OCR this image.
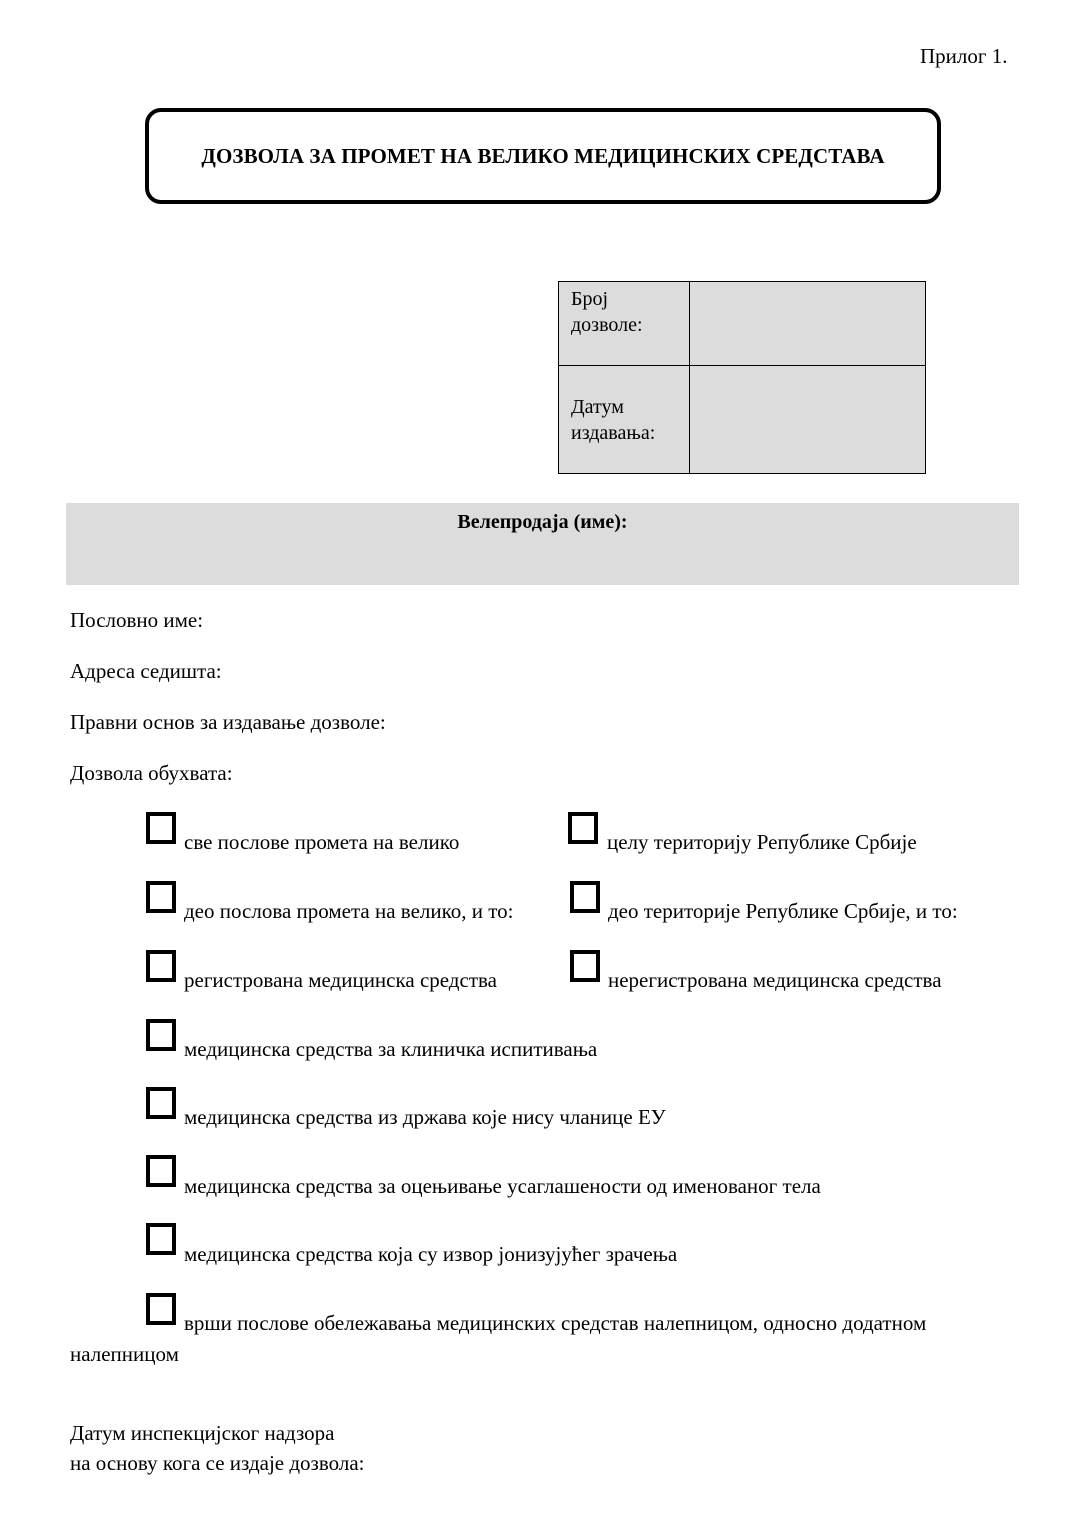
Прилог 1.
ДОЗВОЛА ЗА ПРОМЕТ НА ВЕЛИКО МЕДИЦИНСКИХ СРЕДСТАВА
Број дозволе:	
Датум издавања:	
Велепродаја (име):
Пословно име:
Адреса седишта:
Правни основ за издавање дозволе:
Дозвола обухвата:
све послове промета на велико	целу територију Републике Србије
део послова промета на велико, и то:	део територије Републике Србије, и то:
регистрована медицинска средства	нерегистрована медицинска средства
медицинска средства за клиничка испитивања
медицинска средства из држава које нису чланице ЕУ
медицинска средства за оцењивање усаглашености од именованог тела
медицинска средства која су извор јонизујућег зрачења
врши послове обележавања медицинских средстав налепницом, односно додатном
налепницом
Датум инспекцијског надзора
на основу кога се издаје дозвола:
